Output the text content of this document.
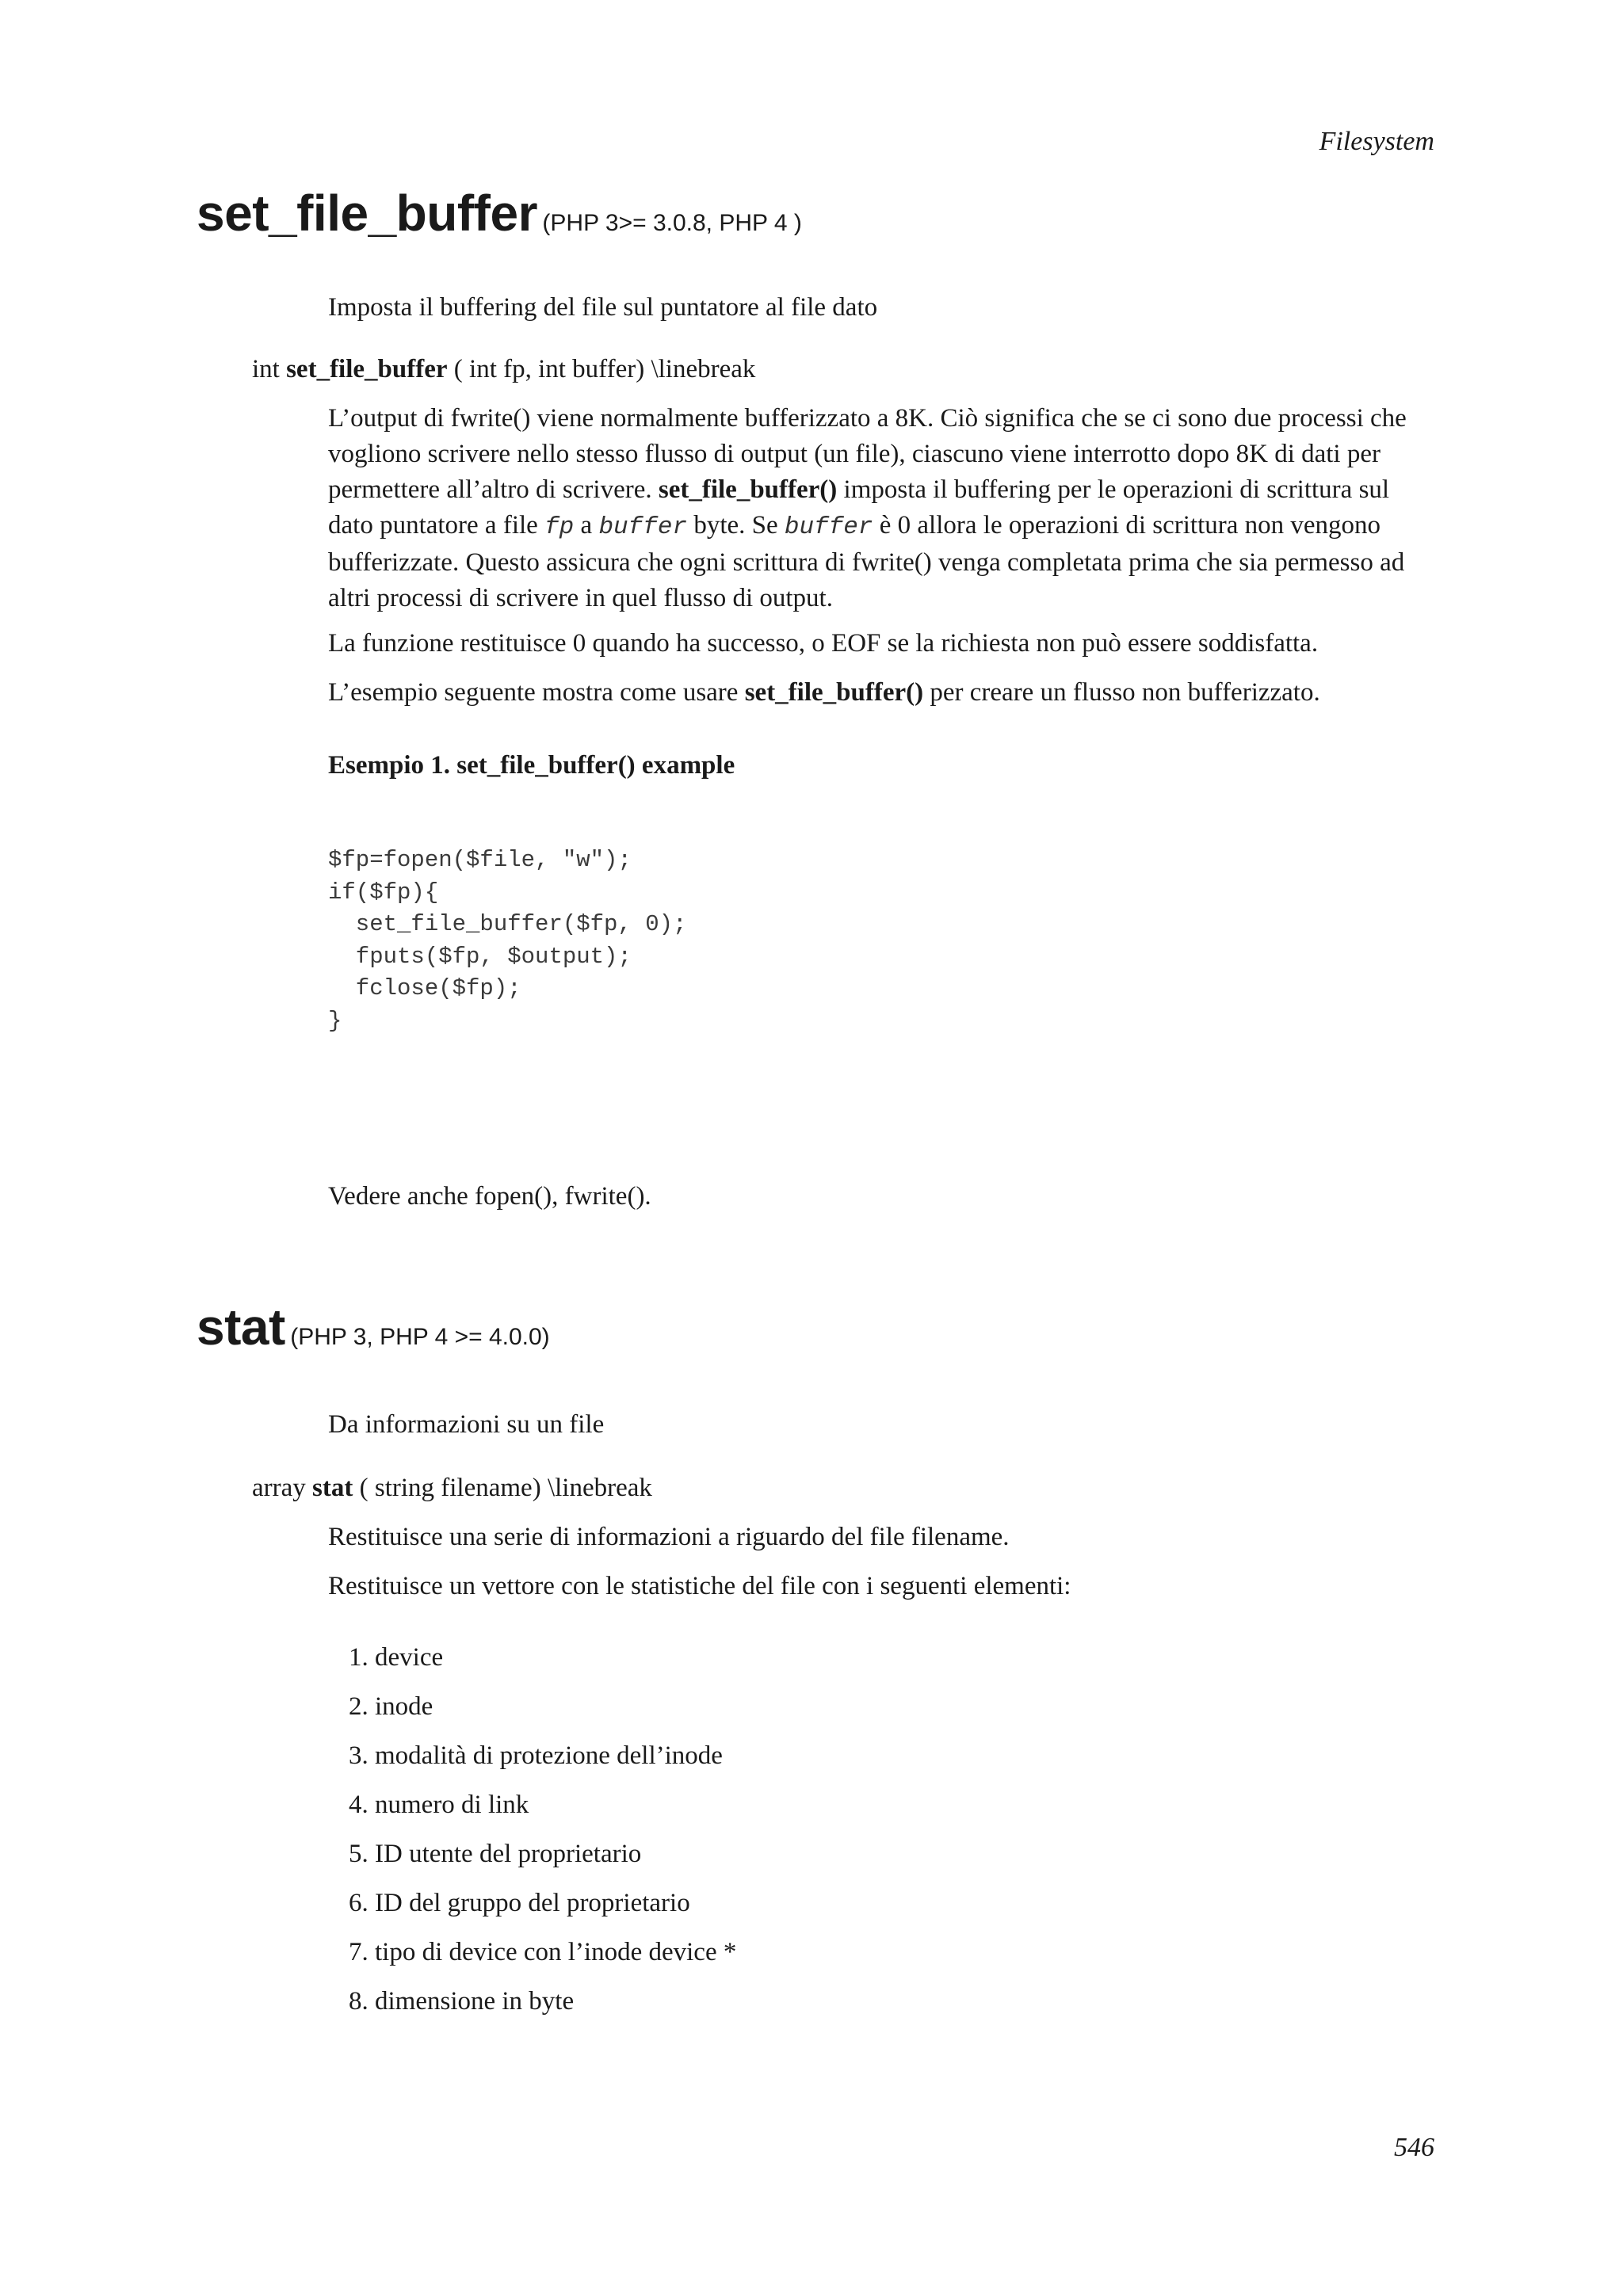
Filesystem
set_file_buffer (PHP 3>= 3.0.8, PHP 4 )
Imposta il buffering del file sul puntatore al file dato
int set_file_buffer ( int fp, int buffer) \linebreak
L’output di fwrite() viene normalmente bufferizzato a 8K. Ciò significa che se ci sono due processi che vogliono scrivere nello stesso flusso di output (un file), ciascuno viene interrotto dopo 8K di dati per permettere all’altro di scrivere. set_file_buffer() imposta il buffering per le operazioni di scrittura sul dato puntatore a file fp a buffer byte. Se buffer è 0 allora le operazioni di scrittura non vengono bufferizzate. Questo assicura che ogni scrittura di fwrite() venga completata prima che sia permesso ad altri processi di scrivere in quel flusso di output.
La funzione restituisce 0 quando ha successo, o EOF se la richiesta non può essere soddisfatta.
L’esempio seguente mostra come usare set_file_buffer() per creare un flusso non bufferizzato.
Esempio 1. set_file_buffer() example
$fp=fopen($file, "w");
if($fp){
set_file_buffer($fp, 0);
fputs($fp, $output);
fclose($fp);
}
Vedere anche fopen(), fwrite().
stat (PHP 3, PHP 4 >= 4.0.0)
Da informazioni su un file
array stat ( string filename) \linebreak
Restituisce una serie di informazioni a riguardo del file filename.
Restituisce un vettore con le statistiche del file con i seguenti elementi:
1. device
2. inode
3. modalità di protezione dell’inode
4. numero di link
5. ID utente del proprietario
6. ID del gruppo del proprietario
7. tipo di device con l’inode device *
8. dimensione in byte
546
